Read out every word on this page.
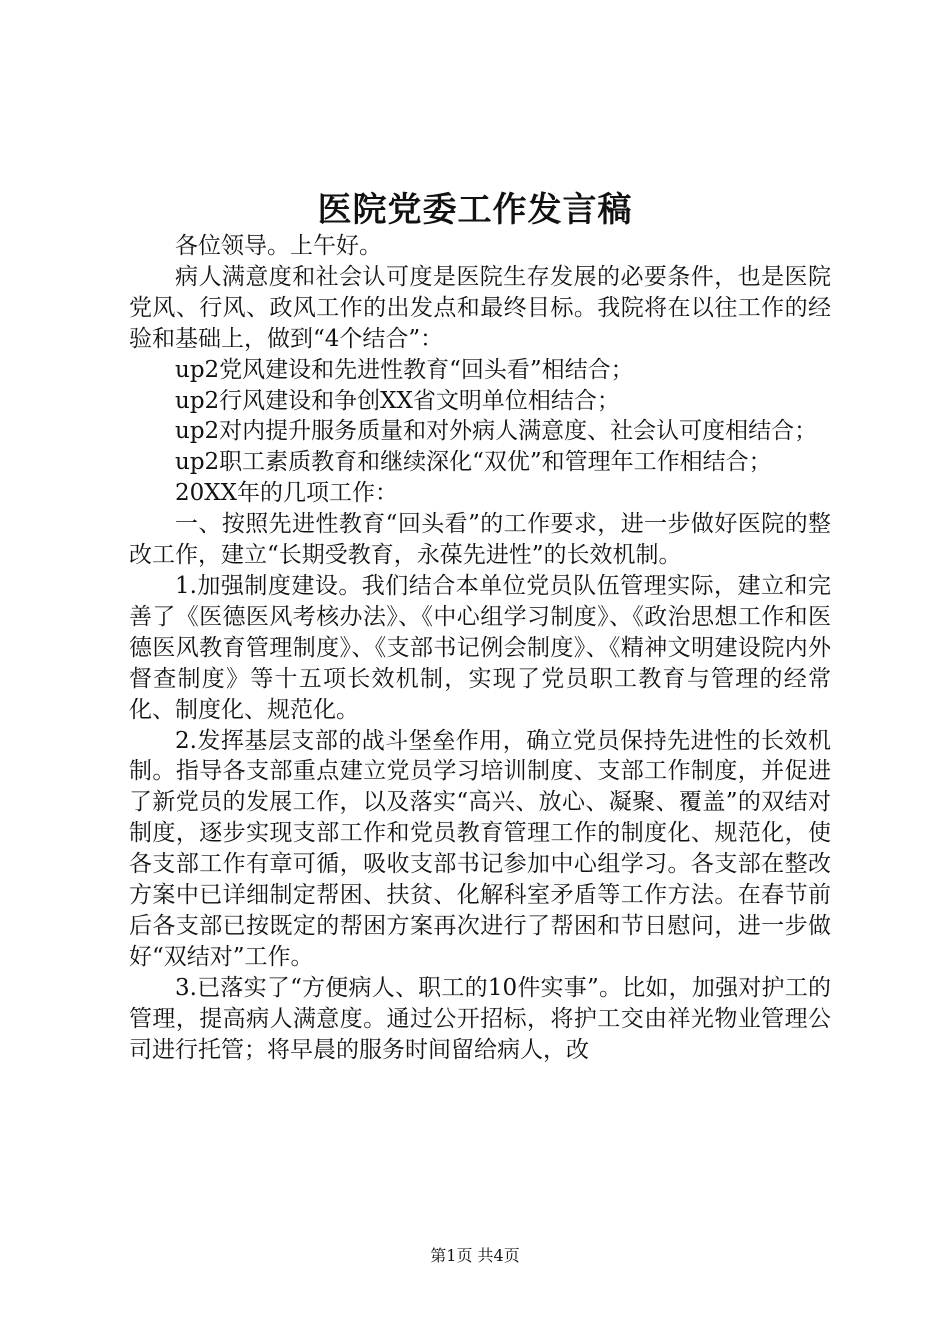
医院党委工作发言稿

各位领导。上午好。

病人满意度和社会认可度是医院生存发展的必要条件，也是医院党风、行风、政风工作的出发点和最终目标。我院将在以往工作的经验和基础上，做到“4个结合”：

up2党风建设和先进性教育“回头看”相结合；

up2行风建设和争创XX省文明单位相结合；

up2对内提升服务质量和对外病人满意度、社会认可度相结合；

up2职工素质教育和继续深化“双优”和管理年工作相结合；

20XX年的几项工作：

一、按照先进性教育“回头看”的工作要求，进一步做好医院的整改工作，建立“长期受教育，永葆先进性”的长效机制。

1.加强制度建设。我们结合本单位党员队伍管理实际，建立和完善了《医德医风考核办法》、《中心组学习制度》、《政治思想工作和医德医风教育管理制度》、《支部书记例会制度》、《精神文明建设院内外督查制度》等十五项长效机制，实现了党员职工教育与管理的经常化、制度化、规范化。

2.发挥基层支部的战斗堡垒作用，确立党员保持先进性的长效机制。指导各支部重点建立党员学习培训制度、支部工作制度，并促进了新党员的发展工作，以及落实“高兴、放心、凝聚、覆盖”的双结对制度，逐步实现支部工作和党员教育管理工作的制度化、规范化，使各支部工作有章可循，吸收支部书记参加中心组学习。各支部在整改方案中已详细制定帮困、扶贫、化解科室矛盾等工作方法。在春节前后各支部已按既定的帮困方案再次进行了帮困和节日慰问，进一步做好“双结对”工作。

3.已落实了“方便病人、职工的10件实事”。比如，加强对护工的管理，提高病人满意度。通过公开招标，将护工交由祥光物业管理公司进行托管；将早晨的服务时间留给病人，改

第1页 共4页
